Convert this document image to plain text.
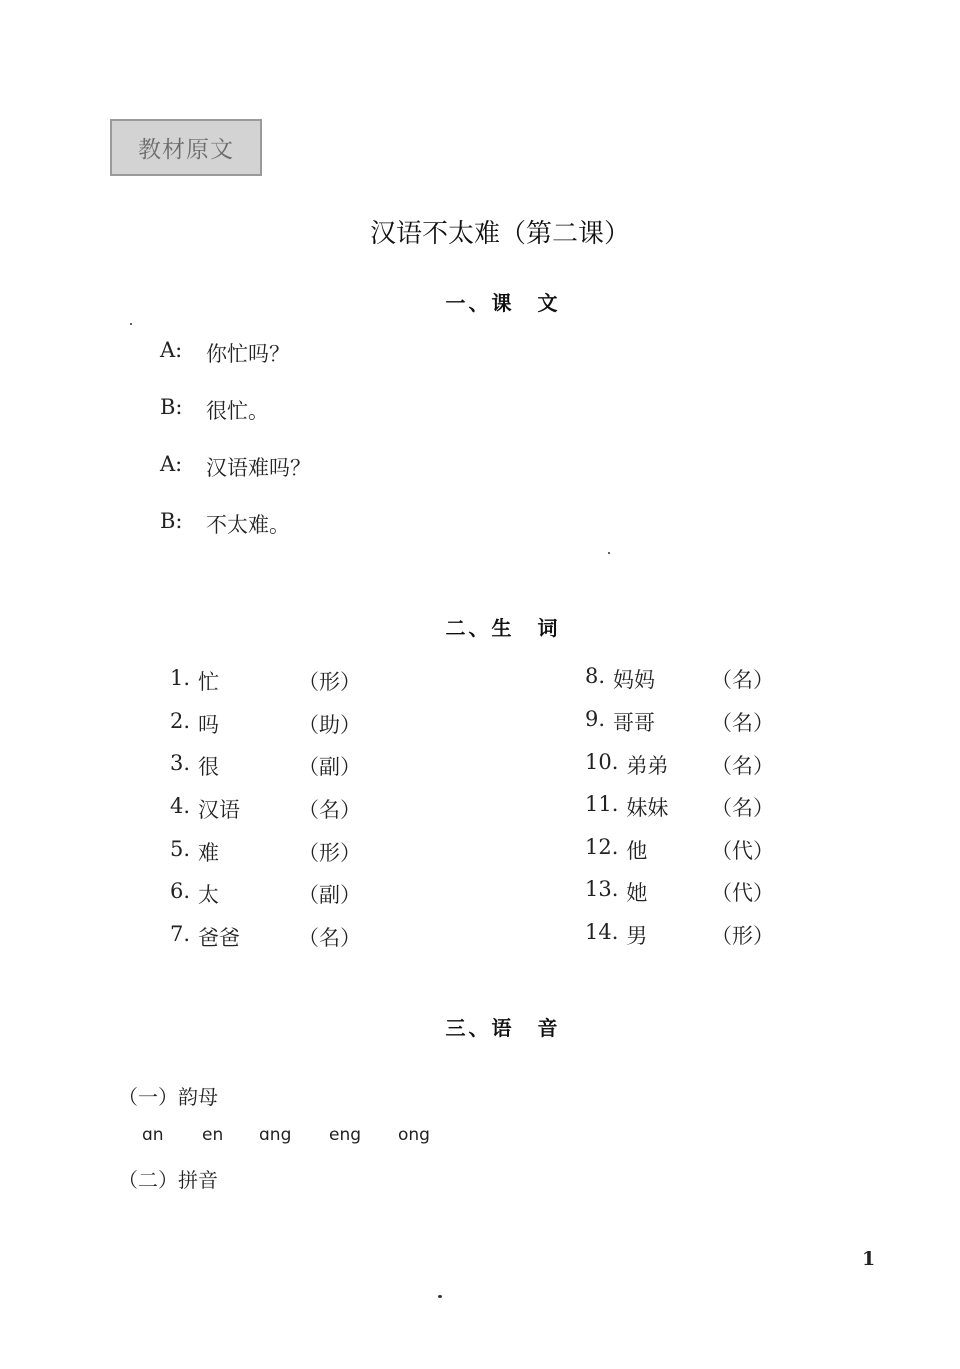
教材原文
汉语不太难（第二课）
一、课　文
A:	你忙吗？
B:	很忙。
A:	汉语难吗？
B:	不太难。
二、生　词
1. 忙	（形）
2. 吗	（助）
3. 很	（副）
4. 汉语	（名）
5. 难	（形）
6. 太	（副）
7. 爸爸	（名）
8. 妈妈	（名）
9. 哥哥	（名）
10. 弟弟 （名）
11. 妹妹 （名）
12. 他	（代）
13. 她	（代）
14. 男	（形）
三、语　音
（一）韵母
ɑn	en	ɑng	eng	ong
（二）拼音
1
